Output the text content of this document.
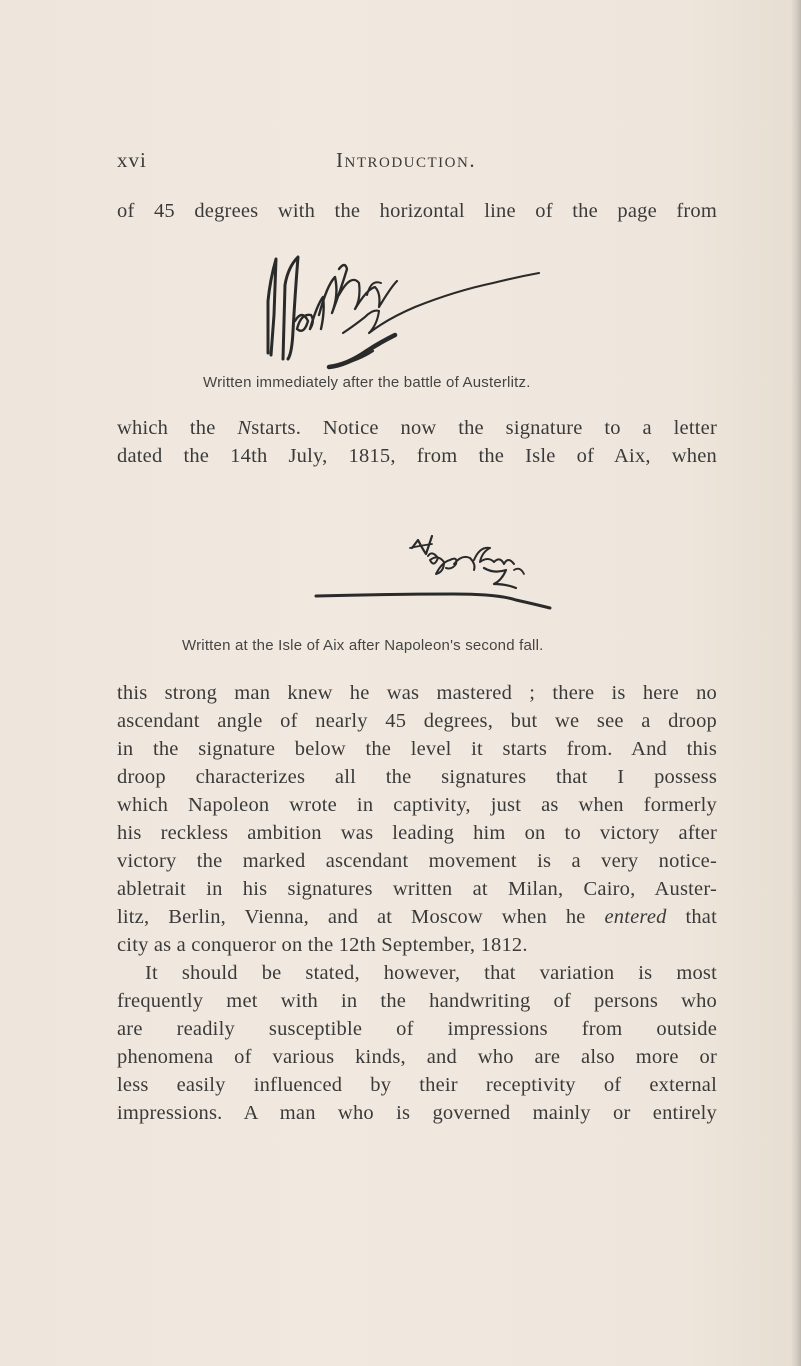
xvi	Introduction.
of 45 degrees with the horizontal line of the page from
Written immediately after the battle of Austerlitz.
which the Nstarts. Notice now the signature to a letter
dated the 14th July, 1815, from the Isle of Aix, when
Written at the Isle of Aix after Napoleon's second fall.
this strong man knew he was mastered ; there is here no
ascendant angle of nearly 45 degrees, but we see a droop
in the signature below the level it starts from. And this
droop characterizes all the signatures that I possess
which Napoleon wrote in captivity, just as when formerly
his reckless ambition was leading him on to victory after
victory the marked ascendant movement is a very notice-
abletrait in his signatures written at Milan, Cairo, Auster-
litz, Berlin, Vienna, and at Moscow when he entered that
city as a conqueror on the 12th September, 1812.
It should be stated, however, that variation is most
frequently met with in the handwriting of persons who
are readily susceptible of impressions from outside
phenomena of various kinds, and who are also more or
less easily influenced by their receptivity of external
impressions. A man who is governed mainly or entirely
